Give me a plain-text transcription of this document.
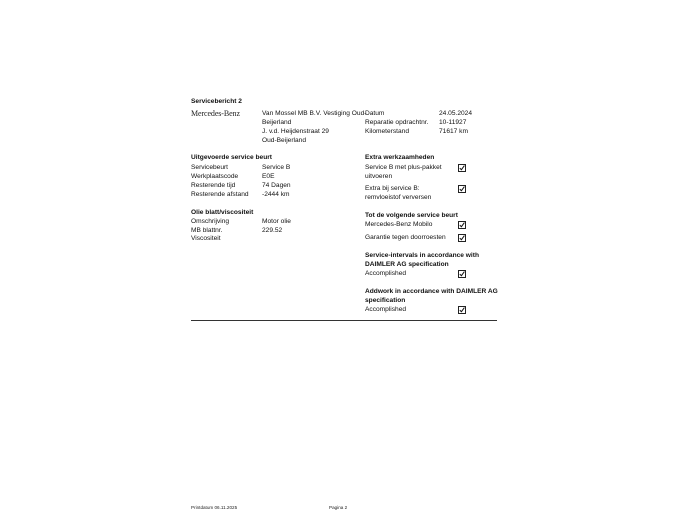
Servicebericht 2
Mercedes-Benz	Van Mossel MB B.V. Vestiging Oud-
Beijerland
J. v.d. Heijdenstraat 29
Oud-Beijerland
Datum	24.05.2024
Reparatie opdrachtnr. 10-11927
Kilometerstand	71617 km
Uitgevoerde service beurt
Servicebeurt	Service B
Werkplaatscode	E0E
Resterende tijd	74 Dagen
Resterende afstand -2444 km
Olie blatt/viscositeit
Omschrijving	Motor olie
MB blattnr.	229.52
Viscositeit
Extra werkzaamheden
Service B met plus-pakket
uitvoeren
Extra bij service B:
remvloeistof verversen
Tot de volgende service beurt
Mercedes-Benz Mobilo
Garantie tegen doorroesten
Service-intervals in accordance with
DAIMLER AG specification
Accomplished
Addwork in accordance with DAIMLER AG
specification
Accomplished
Printdatum 06.11.2025	Pagina 2
